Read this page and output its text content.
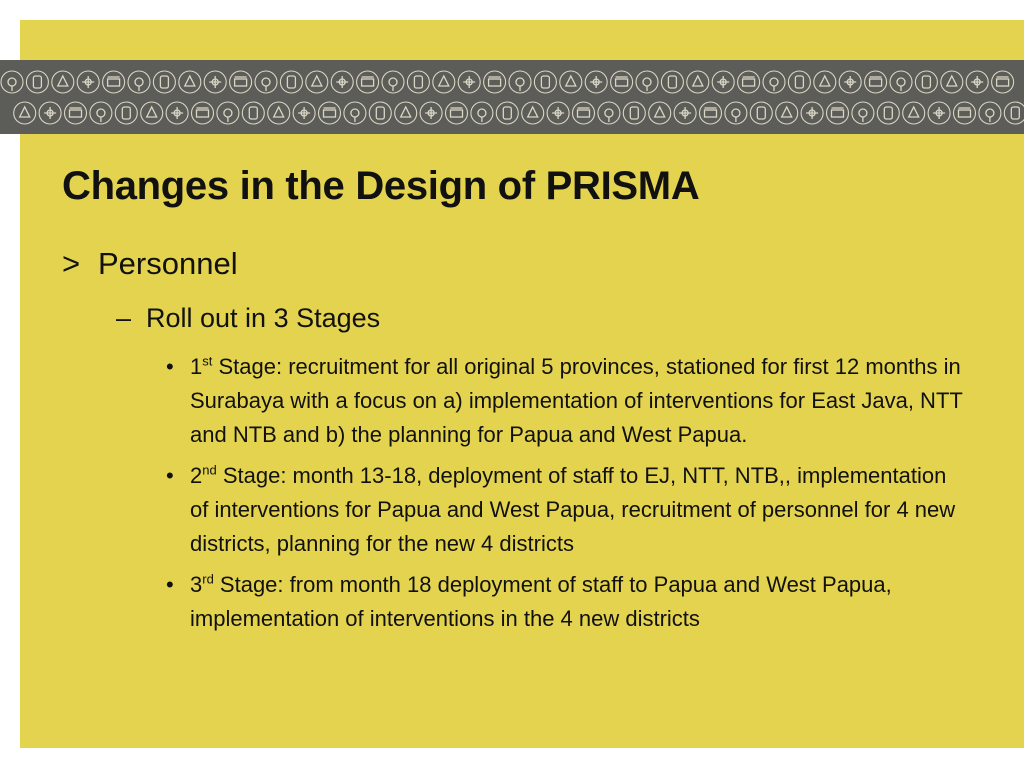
Changes in the Design of PRISMA
> Personnel
– Roll out in 3 Stages
• 1st Stage: recruitment for all original 5 provinces, stationed for first 12 months in Surabaya with a focus on a) implementation of interventions for East Java, NTT and NTB and b) the planning for Papua and West Papua.
• 2nd Stage: month 13-18, deployment of staff to EJ, NTT, NTB,, implementation of interventions for Papua and West Papua, recruitment of personnel for 4 new districts, planning for the new 4 districts
• 3rd Stage: from month 18 deployment of staff to Papua and West Papua, implementation of interventions in the 4 new districts
